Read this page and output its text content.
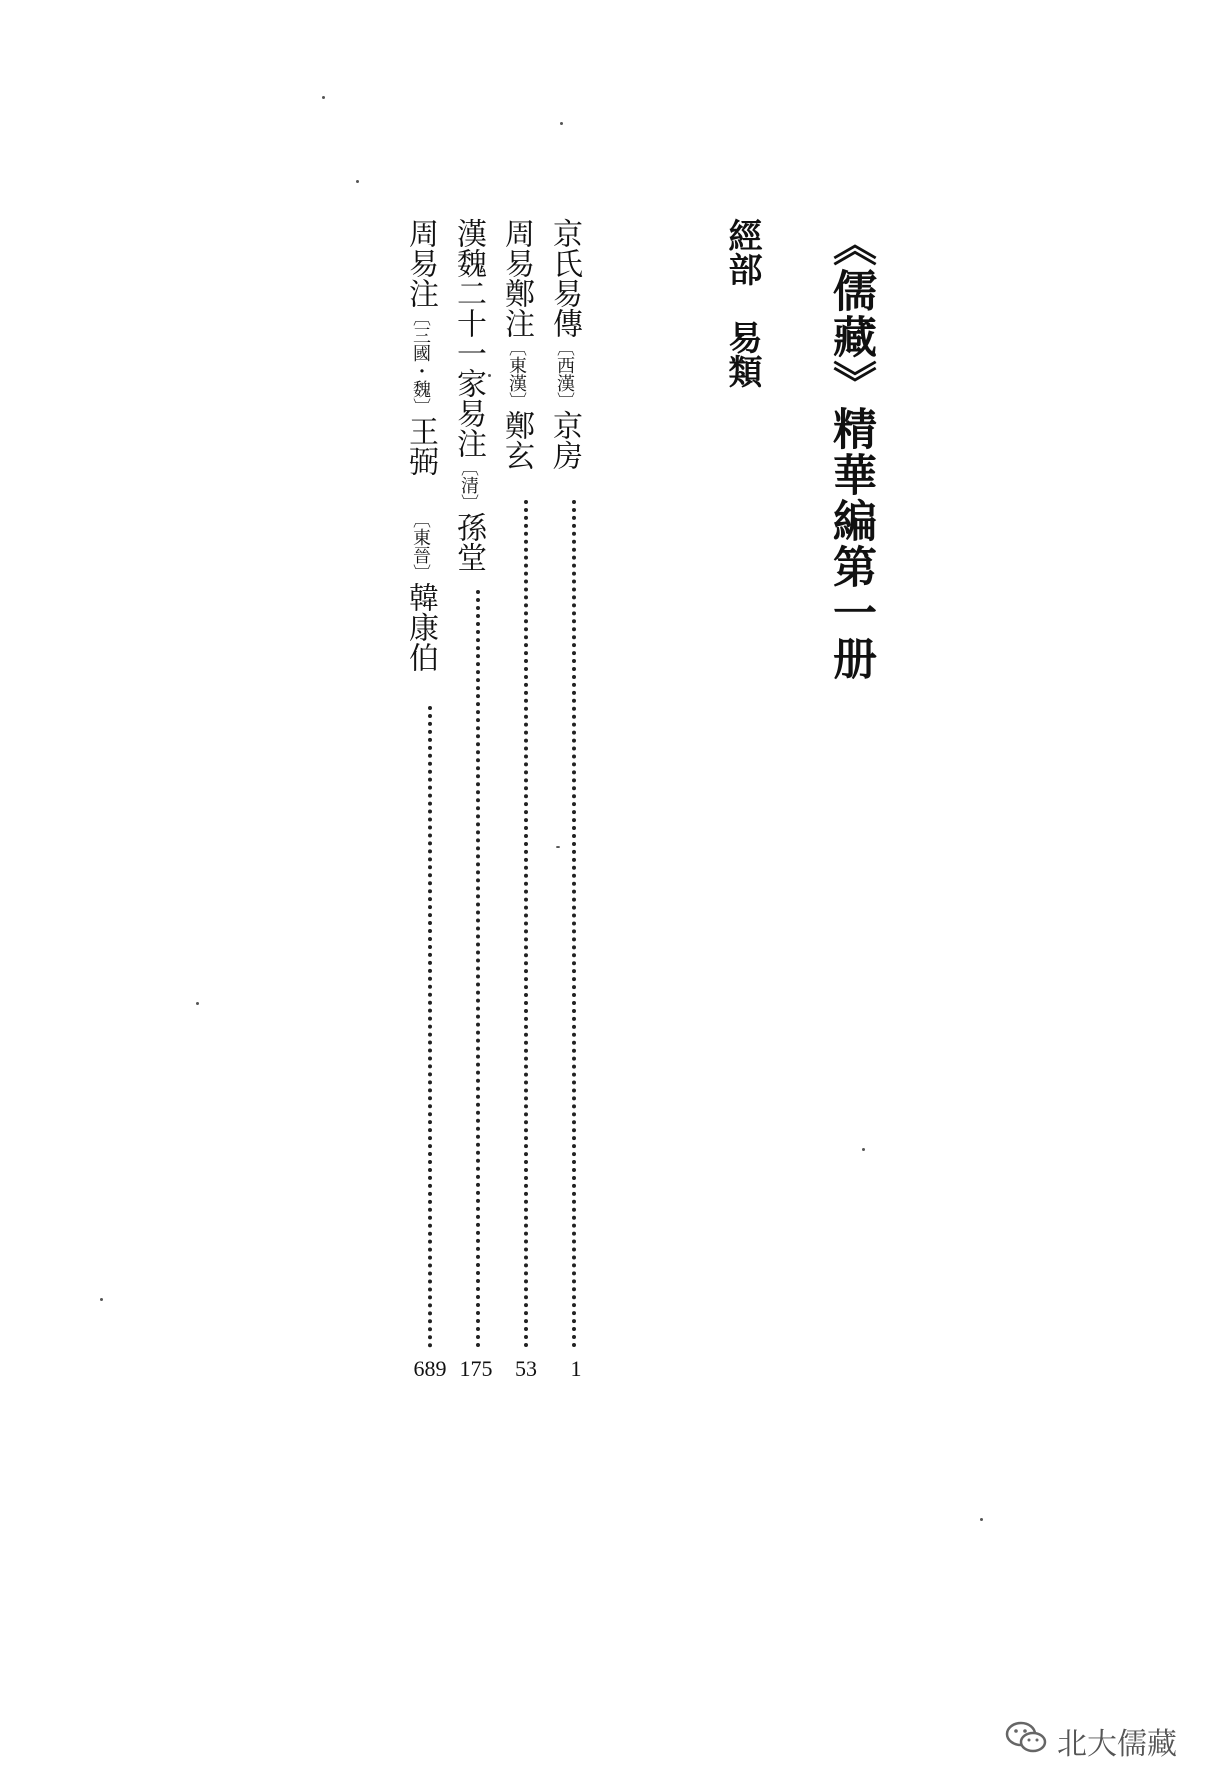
《儒藏》精華編第一册
經部易類
京氏易傳〔西漢〕京房
1
周易鄭注〔東漢〕鄭玄
53
漢魏二十一家易注〔清〕孫堂
175
周易注〔三國・魏〕王弼〔東晉〕韓康伯
689
北大儒藏
